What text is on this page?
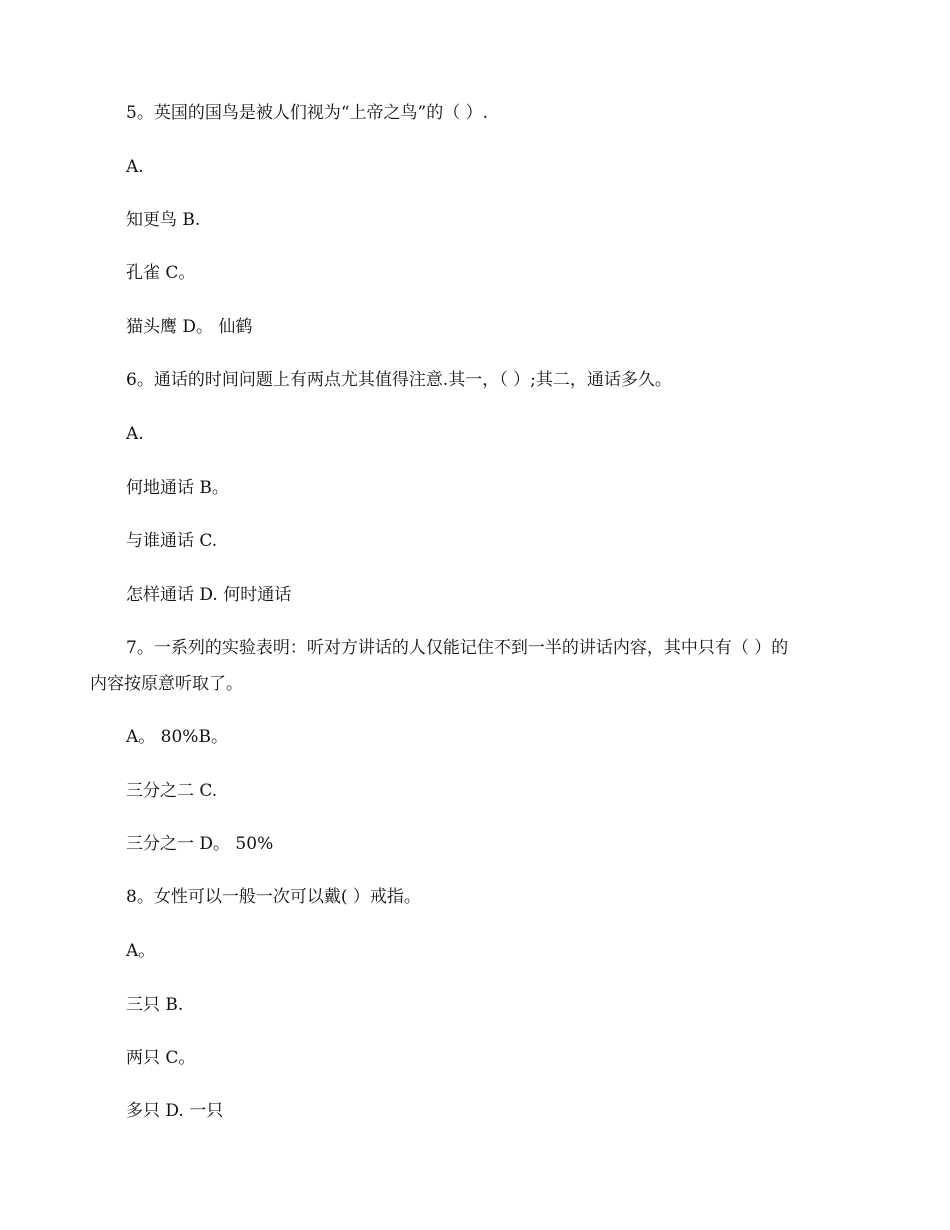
5。英国的国鸟是被人们视为“上帝之鸟”的（ ）.
A.
知更鸟 B.
孔雀 C。
猫头鹰 D。 仙鹤
6。通话的时间问题上有两点尤其值得注意.其一，（ ）;其二，通话多久。
A.
何地通话 B。
与谁通话 C.
怎样通话 D. 何时通话
7。一系列的实验表明：听对方讲话的人仅能记住不到一半的讲话内容，其中只有（ ）的
内容按原意听取了。
A。 80%B。
三分之二 C.
三分之一 D。 50%
8。女性可以一般一次可以戴( ）戒指。
A。
三只 B.
两只 C。
多只 D. 一只
